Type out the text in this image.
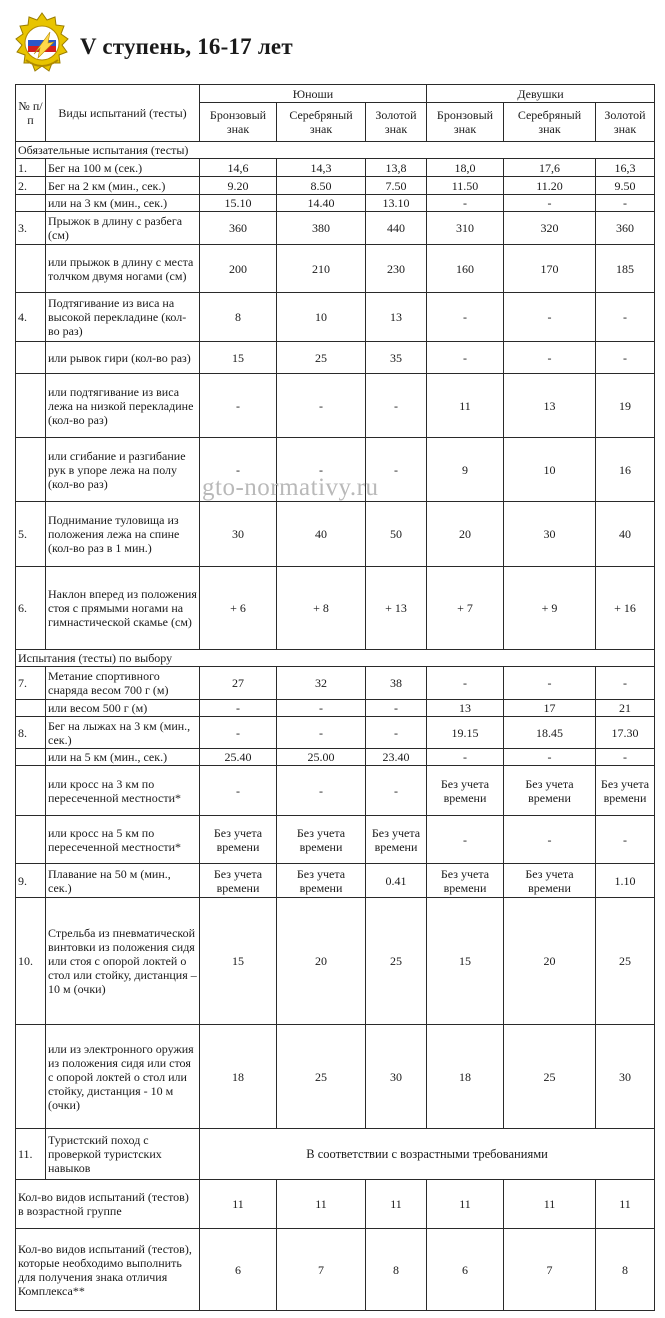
V ступень, 16-17 лет
№ п/п	Виды испытаний (тесты)	Юноши			Девушки		
		Бронзовый знак	Серебряный знак	Золотой знак	Бронзовый знак	Серебряный знак	Золотой знак
Обязательные испытания (тесты)							
1.	Бег на 100 м (сек.)	14,6	14,3	13,8	18,0	17,6	16,3
2.	Бег на 2 км (мин., сек.)	9.20	8.50	7.50	11.50	11.20	9.50
	или на 3 км (мин., сек.)	15.10	14.40	13.10	-	-	-
3.	Прыжок в длину с разбега (см)	360	380	440	310	320	360
	или прыжок в длину с места толчком двумя ногами (см)	200	210	230	160	170	185
4.	Подтягивание из виса на высокой перекладине (кол-во раз)	8	10	13	-	-	-
	или рывок гири (кол-во раз)	15	25	35	-	-	-
	или подтягивание из виса лежа на низкой перекладине (кол-во раз)	-	-	-	11	13	19
	или сгибание и разгибание рук в упоре лежа на полу (кол-во раз)	-	-	-	9	10	16
5.	Поднимание туловища из положения лежа на спине (кол-во раз в 1 мин.)	30	40	50	20	30	40
6.	Наклон вперед из положения стоя с прямыми ногами на гимнастической скамье (см)	+ 6	+ 8	+ 13	+ 7	+ 9	+ 16
Испытания (тесты) по выбору							
7.	Метание спортивного снаряда весом 700 г (м)	27	32	38	-	-	-
	или весом 500 г (м)	-	-	-	13	17	21
8.	Бег на лыжах на 3 км (мин., сек.)	-	-	-	19.15	18.45	17.30
	или на 5 км (мин., сек.)	25.40	25.00	23.40	-	-	-
	или кросс на 3 км по пересеченной местности*	-	-	-	Без учета времени	Без учета времени	Без учета времени
	или кросс на 5 км по пересеченной местности*	Без учета времени	Без учета времени	Без учета времени	-	-	-
9.	Плавание на 50 м (мин., сек.)	Без учета времени	Без учета времени	0.41	Без учета времени	Без учета времени	1.10
10.	Стрельба из пневматической винтовки из положения сидя или стоя с опорой локтей о стол или стойку, дистанция – 10 м (очки)	15	20	25	15	20	25
	или из электронного оружия из положения сидя или стоя с опорой локтей о стол или стойку, дистанция - 10 м (очки)	18	25	30	18	25	30
11.	Туристский поход с проверкой туристских навыков	В соответствии с возрастными требованиями					
Кол-во видов испытаний (тестов) в возрастной группе		11	11	11	11	11	11
Кол-во видов испытаний (тестов), которые необходимо выполнить для получения знака отличия Комплекса**		6	7	8	6	7	8
gto-normativy.ru
